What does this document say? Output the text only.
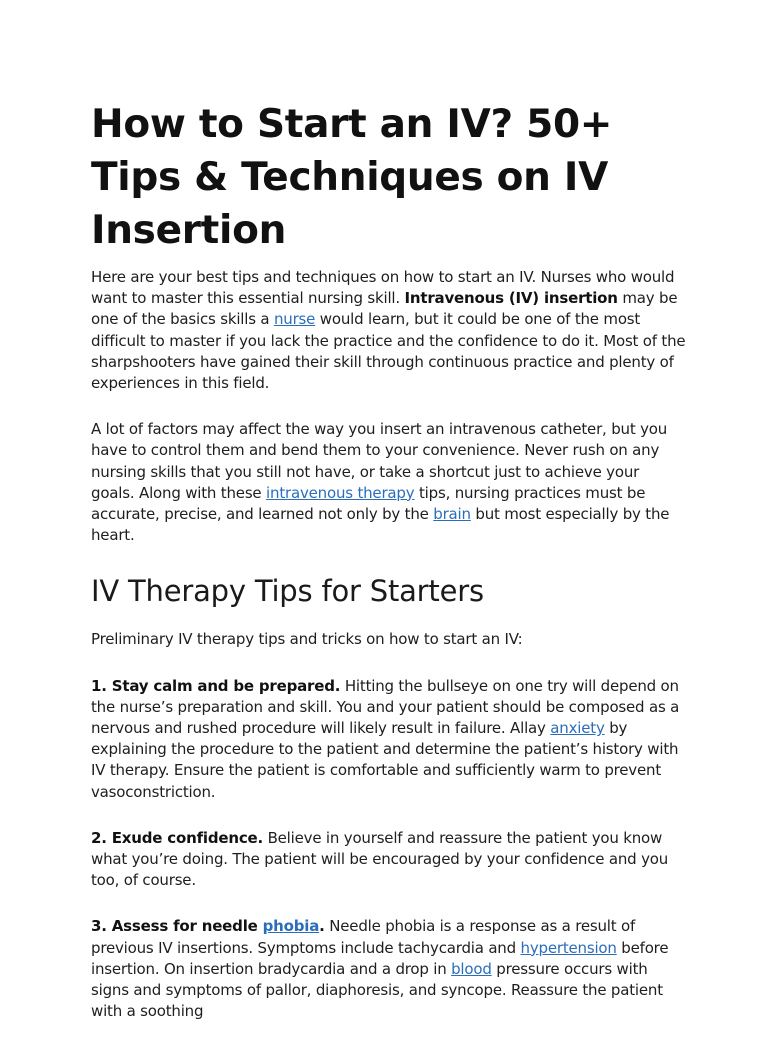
How to Start an IV? 50+ Tips & Techniques on IV Insertion

Here are your best tips and techniques on how to start an IV. Nurses who would want to master this essential nursing skill. Intravenous (IV) insertion may be one of the basics skills a nurse would learn, but it could be one of the most difficult to master if you lack the practice and the confidence to do it. Most of the sharpshooters have gained their skill through continuous practice and plenty of experiences in this field.

A lot of factors may affect the way you insert an intravenous catheter, but you have to control them and bend them to your convenience. Never rush on any nursing skills that you still not have, or take a shortcut just to achieve your goals. Along with these intravenous therapy tips, nursing practices must be accurate, precise, and learned not only by the brain but most especially by the heart.

IV Therapy Tips for Starters

Preliminary IV therapy tips and tricks on how to start an IV:

1. Stay calm and be prepared. Hitting the bullseye on one try will depend on the nurse’s preparation and skill. You and your patient should be composed as a nervous and rushed procedure will likely result in failure. Allay anxiety by explaining the procedure to the patient and determine the patient’s history with IV therapy. Ensure the patient is comfortable and sufficiently warm to prevent vasoconstriction.

2. Exude confidence. Believe in yourself and reassure the patient you know what you’re doing. The patient will be encouraged by your confidence and you too, of course.

3. Assess for needle phobia. Needle phobia is a response as a result of previous IV insertions. Symptoms include tachycardia and hypertension before insertion. On insertion bradycardia and a drop in blood pressure occurs with signs and symptoms of pallor, diaphoresis, and syncope. Reassure the patient with a soothing
